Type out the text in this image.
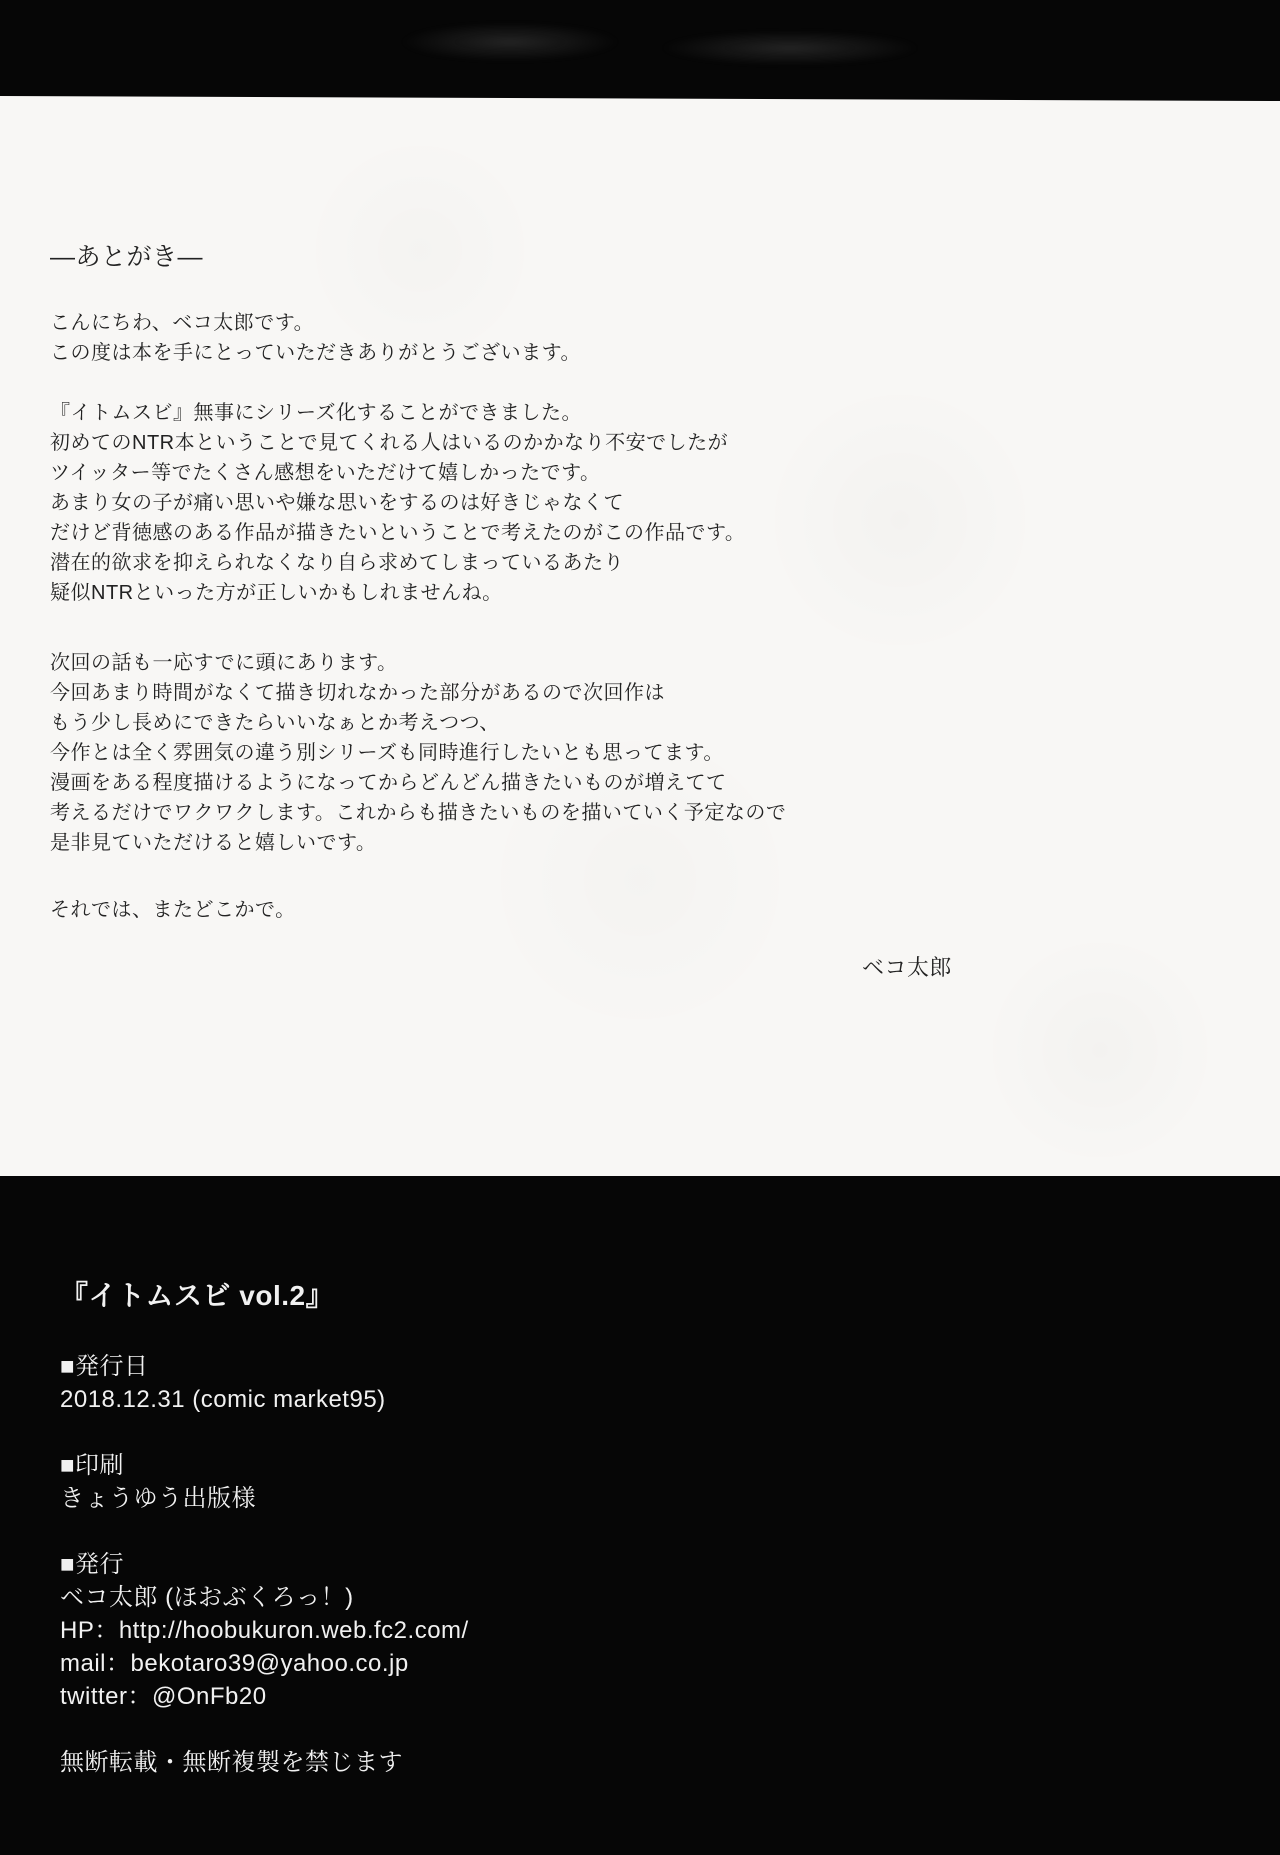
―あとがき―
こんにちわ、ベコ太郎です。
この度は本を手にとっていただきありがとうございます。
『イトムスビ』無事にシリーズ化することができました。
初めてのNTR本ということで見てくれる人はいるのかかなり不安でしたが
ツイッター等でたくさん感想をいただけて嬉しかったです。
あまり女の子が痛い思いや嫌な思いをするのは好きじゃなくて
だけど背徳感のある作品が描きたいということで考えたのがこの作品です。
潜在的欲求を抑えられなくなり自ら求めてしまっているあたり
疑似NTRといった方が正しいかもしれませんね。
次回の話も一応すでに頭にあります。
今回あまり時間がなくて描き切れなかった部分があるので次回作は
もう少し長めにできたらいいなぁとか考えつつ、
今作とは全く雰囲気の違う別シリーズも同時進行したいとも思ってます。
漫画をある程度描けるようになってからどんどん描きたいものが増えてて
考えるだけでワクワクします。これからも描きたいものを描いていく予定なので
是非見ていただけると嬉しいです。
それでは、またどこかで。
ベコ太郎
『イトムスビ vol.2』
■発行日
2018.12.31 (comic market95)
■印刷
きょうゆう出版様
■発行
ベコ太郎 (ほおぶくろっ！)
HP：http://hoobukuron.web.fc2.com/
mail：bekotaro39@yahoo.co.jp
twitter：@OnFb20
無断転載・無断複製を禁じます
